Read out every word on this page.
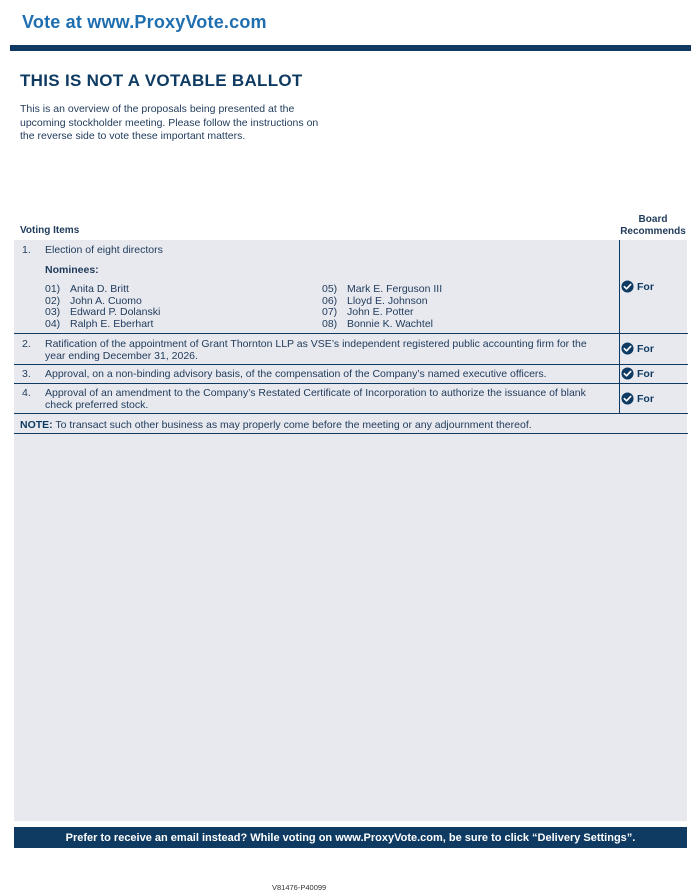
Vote at www.ProxyVote.com
THIS IS NOT A VOTABLE BALLOT
This is an overview of the proposals being presented at the
upcoming stockholder meeting. Please follow the instructions on
the reverse side to vote these important matters.
Voting Items
Board
Recommends
1. Election of eight directors
Nominees:
01) Anita D. Britt
02) John A. Cuomo
03) Edward P. Dolanski
04) Ralph E. Eberhart
05) Mark E. Ferguson III
06) Lloyd E. Johnson
07) John E. Potter
08) Bonnie K. Wachtel
For
2. Ratification of the appointment of Grant Thornton LLP as VSE’s independent registered public accounting firm for the
year ending December 31, 2026.
For
3. Approval, on a non-binding advisory basis, of the compensation of the Company’s named executive officers.	For
4. Approval of an amendment to the Company’s Restated Certificate of Incorporation to authorize the issuance of blank
check preferred stock.
For
NOTE: To transact such other business as may properly come before the meeting or any adjournment thereof.
Prefer to receive an email instead? While voting on www.ProxyVote.com, be sure to click “Delivery Settings”.
V81476-P40099
